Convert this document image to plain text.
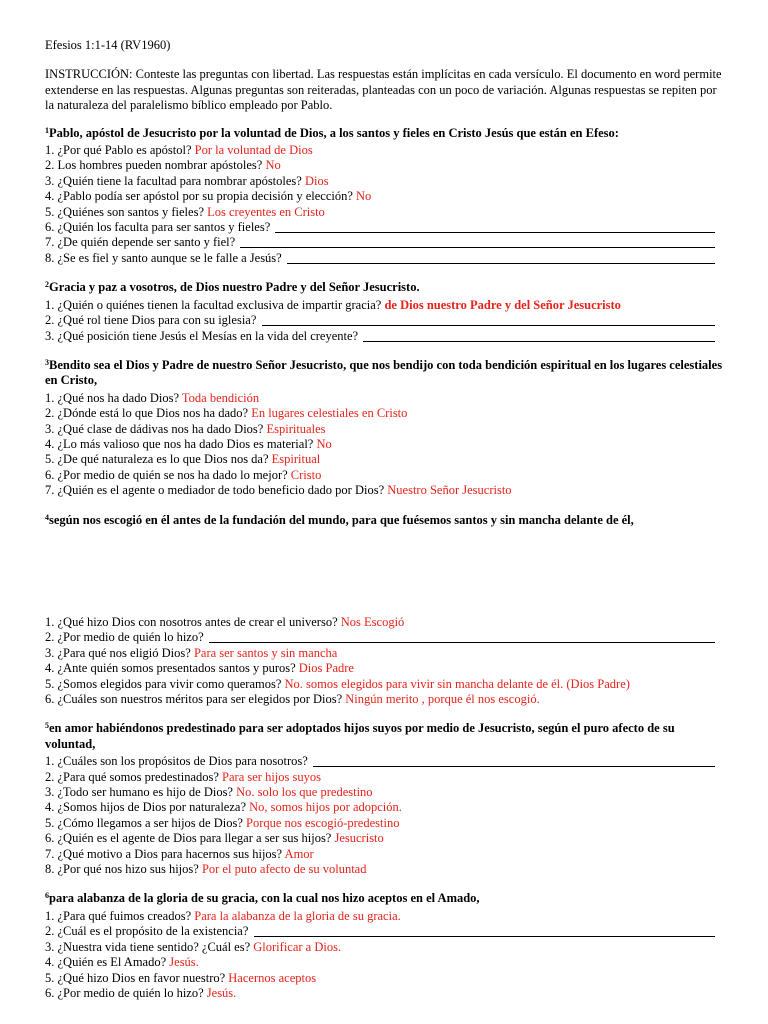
Efesios 1:1-14 (RV1960)
INSTRUCCIÓN: Conteste las preguntas con libertad. Las respuestas están implícitas en cada versículo. El documento en word permite extenderse en las respuestas. Algunas preguntas son reiteradas, planteadas con un poco de variación. Algunas respuestas se repiten por la naturaleza del paralelismo bíblico empleado por Pablo.
$^1$Pablo, apóstol de Jesucristo por la voluntad de Dios, a los santos y fieles en Cristo Jesús que están en Efeso:
1. ¿Por qué Pablo es apóstol? Por la voluntad de Dios
2. Los hombres pueden nombrar apóstoles? No
3. ¿Quién tiene la facultad para nombrar apóstoles? Dios
4. ¿Pablo podía ser apóstol por su propia decisión y elección? No
5. ¿Quiénes son santos y fieles? Los creyentes en Cristo
6. ¿Quién los faculta para ser santos y fieles?
7. ¿De quién depende ser santo y fiel?
8. ¿Se es fiel y santo aunque se le falle a Jesús?
$^2$Gracia y paz a vosotros, de Dios nuestro Padre y del Señor Jesucristo.
1. ¿Quién o quiénes tienen la facultad exclusiva de impartir gracia? de Dios nuestro Padre y del Señor Jesucristo
2. ¿Qué rol tiene Dios para con su iglesia?
3. ¿Qué posición tiene Jesús el Mesías en la vida del creyente?
$^3$Bendito sea el Dios y Padre de nuestro Señor Jesucristo, que nos bendijo con toda bendición espiritual en los lugares celestiales en Cristo,
1. ¿Qué nos ha dado Dios? Toda bendición
2. ¿Dónde está lo que Dios nos ha dado? En lugares celestiales en Cristo
3. ¿Qué clase de dádivas nos ha dado Dios? Espirituales
4. ¿Lo más valioso que nos ha dado Dios es material? No
5. ¿De qué naturaleza es lo que Dios nos da? Espiritual
6. ¿Por medio de quién se nos ha dado lo mejor? Cristo
7. ¿Quién es el agente o mediador de todo beneficio dado por Dios? Nuestro Señor Jesucristo
$^4$según nos escogió en él antes de la fundación del mundo, para que fuésemos santos y sin mancha delante de él,
1. ¿Qué hizo Dios con nosotros antes de crear el universo? Nos Escogió
2. ¿Por medio de quién lo hizo?
3. ¿Para qué nos eligió Dios? Para ser santos y sin mancha
4. ¿Ante quién somos presentados santos y puros? Dios Padre
5. ¿Somos elegidos para vivir como queramos? No. somos elegidos para vivir sin mancha delante de él. (Dios Padre)
6. ¿Cuáles son nuestros méritos para ser elegidos por Dios? Ningún merito , porque él nos escogió.
$^5$en amor habiéndonos predestinado para ser adoptados hijos suyos por medio de Jesucristo, según el puro afecto de su voluntad,
1. ¿Cuáles son los propósitos de Dios para nosotros?
2. ¿Para qué somos predestinados? Para ser hijos suyos
3. ¿Todo ser humano es hijo de Dios? No. solo los que predestino
4. ¿Somos hijos de Dios por naturaleza? No, somos hijos por adopción.
5. ¿Cómo llegamos a ser hijos de Dios? Porque nos escogió-predestino
6. ¿Quién es el agente de Dios para llegar a ser sus hijos? Jesucristo
7. ¿Qué motivo a Dios para hacernos sus hijos? Amor
8. ¿Por qué nos hizo sus hijos? Por el puto afecto de su voluntad
$^6$para alabanza de la gloria de su gracia, con la cual nos hizo aceptos en el Amado,
1. ¿Para qué fuimos creados? Para la alabanza de la gloria de su gracia.
2. ¿Cuál es el propósito de la existencia?
3. ¿Nuestra vida tiene sentido? ¿Cuál es? Glorificar a Dios.
4. ¿Quién es El Amado? Jesús.
5. ¿Qué hizo Dios en favor nuestro? Hacernos aceptos
6. ¿Por medio de quién lo hizo? Jesús.
